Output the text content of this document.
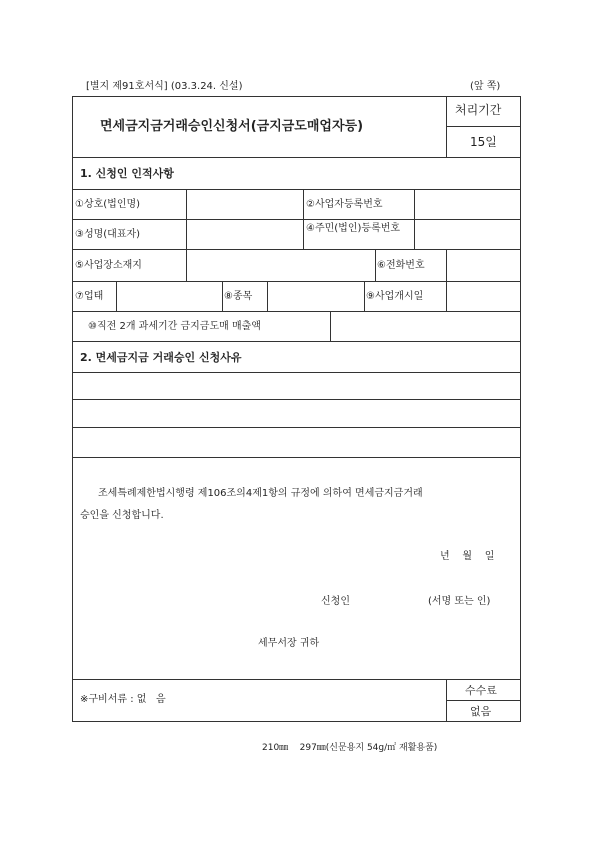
[별지 제91호서식] (03.3.24. 신설)	(앞 쪽)
면세금지금거래승인신청서(금지금도매업자등)
처리기간
15일
1. 신청인 인적사항
①상호(법인명)	②사업자등록번호
③성명(대표자)
④주민(법인)등록번호
⑤사업장소재지	⑥전화번호
⑦업태	⑧종목	⑨사업개시일
⑩직전 2개 과세기간 금지금도매 매출액
2. 면세금지금 거래승인 신청사유
조세특례제한법시행령 제106조의4제1항의 규정에 의하여 면세금지금거래
승인을 신청합니다.
년    월    일
신청인	(서명 또는 인)
세무서장 귀하
※구비서류 : 없   음
수수료
없음
210㎜    297㎜(신문용지 54g/㎡ 재활용품)
